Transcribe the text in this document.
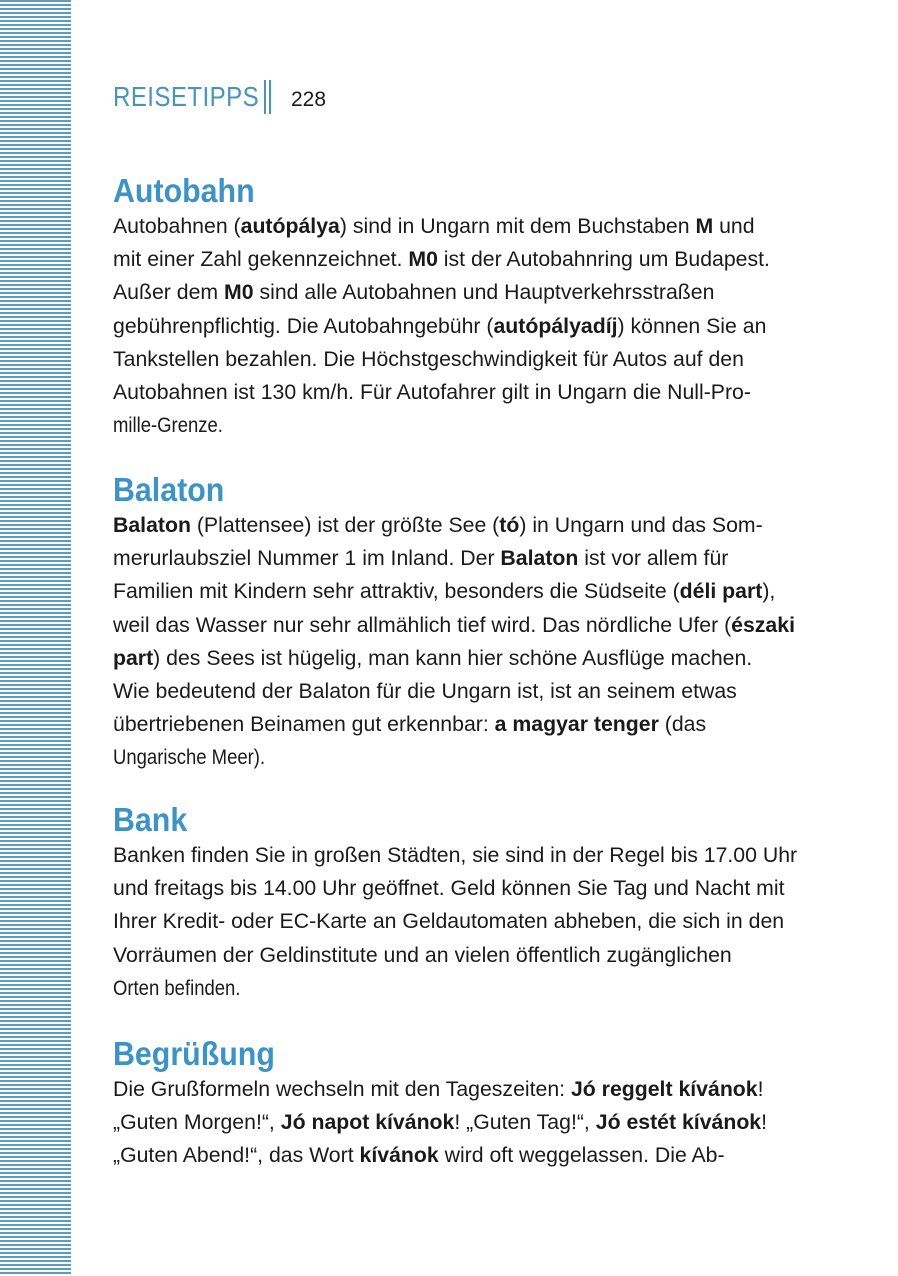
REISETIPPS 228
Autobahn
Autobahnen (autópálya) sind in Ungarn mit dem Buchstaben M und
mit einer Zahl gekennzeichnet. M0 ist der Autobahnring um Budapest.
Außer dem M0 sind alle Autobahnen und Hauptverkehrsstraßen
gebührenpflichtig. Die Autobahngebühr (autópályadíj) können Sie an
Tankstellen bezahlen. Die Höchstgeschwindigkeit für Autos auf den
Autobahnen ist 130 km/h. Für Autofahrer gilt in Ungarn die Null-Pro-
mille-Grenze.
Balaton
Balaton (Plattensee) ist der größte See (tó) in Ungarn und das Som-
merurlaubsziel Nummer 1 im Inland. Der Balaton ist vor allem für
Familien mit Kindern sehr attraktiv, besonders die Südseite (déli part),
weil das Wasser nur sehr allmählich tief wird. Das nördliche Ufer (északi
part) des Sees ist hügelig, man kann hier schöne Ausflüge machen.
Wie bedeutend der Balaton für die Ungarn ist, ist an seinem etwas
übertriebenen Beinamen gut erkennbar: a magyar tenger (das
Ungarische Meer).
Bank
Banken finden Sie in großen Städten, sie sind in der Regel bis 17.00 Uhr
und freitags bis 14.00 Uhr geöffnet. Geld können Sie Tag und Nacht mit
Ihrer Kredit- oder EC-Karte an Geldautomaten abheben, die sich in den
Vorräumen der Geldinstitute und an vielen öffentlich zugänglichen
Orten befinden.
Begrüßung
Die Grußformeln wechseln mit den Tageszeiten: Jó reggelt kívánok!
„Guten Morgen!“, Jó napot kívánok! „Guten Tag!“, Jó estét kívánok!
„Guten Abend!“, das Wort kívánok wird oft weggelassen. Die Ab-
